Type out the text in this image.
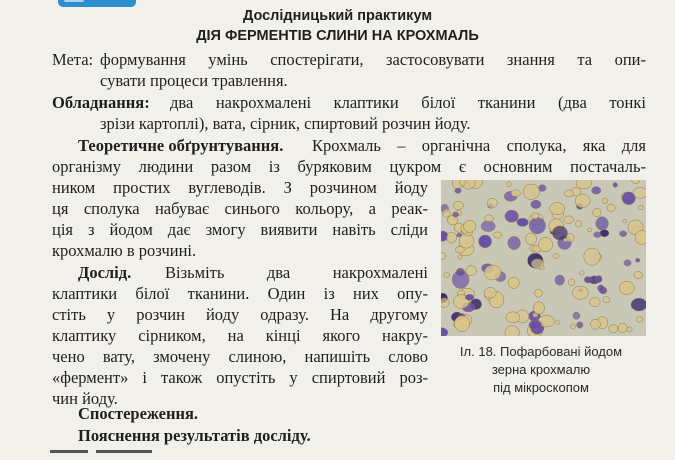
Дослідницький практикум
ДІЯ ФЕРМЕНТІВ СЛИНИ НА КРОХМАЛЬ
Мета: формування умінь спостерігати, застосовувати знання та опи-
сувати процеси травлення.
Обладнання: два накрохмалені клаптики білої тканини (два тонкі
зрізи картоплі), вата, сірник, спиртовий розчин йоду.
Теоретичне обґрунтування. Крохмаль – органічна сполука, яка для
організму людини разом із буряковим цукром є основним постачаль-
ником простих вуглеводів. З розчином йоду
ця сполука набуває синього кольору, а реак-
ція з йодом дає змогу виявити навіть сліди
крохмалю в розчині.
Дослід. Візьміть два накрохмалені
клаптики білої тканини. Один із них опу-
стіть у розчин йоду одразу. На другому
клаптику сірником, на кінці якого накру-
чено вату, змочену слиною, напишіть слово
«фермент» і також опустіть у спиртовий роз-
чин йоду.
Спостереження.
Пояснення результатів досліду.
Іл. 18. Пофарбовані йодом
зерна крохмалю
під мікроскопом
